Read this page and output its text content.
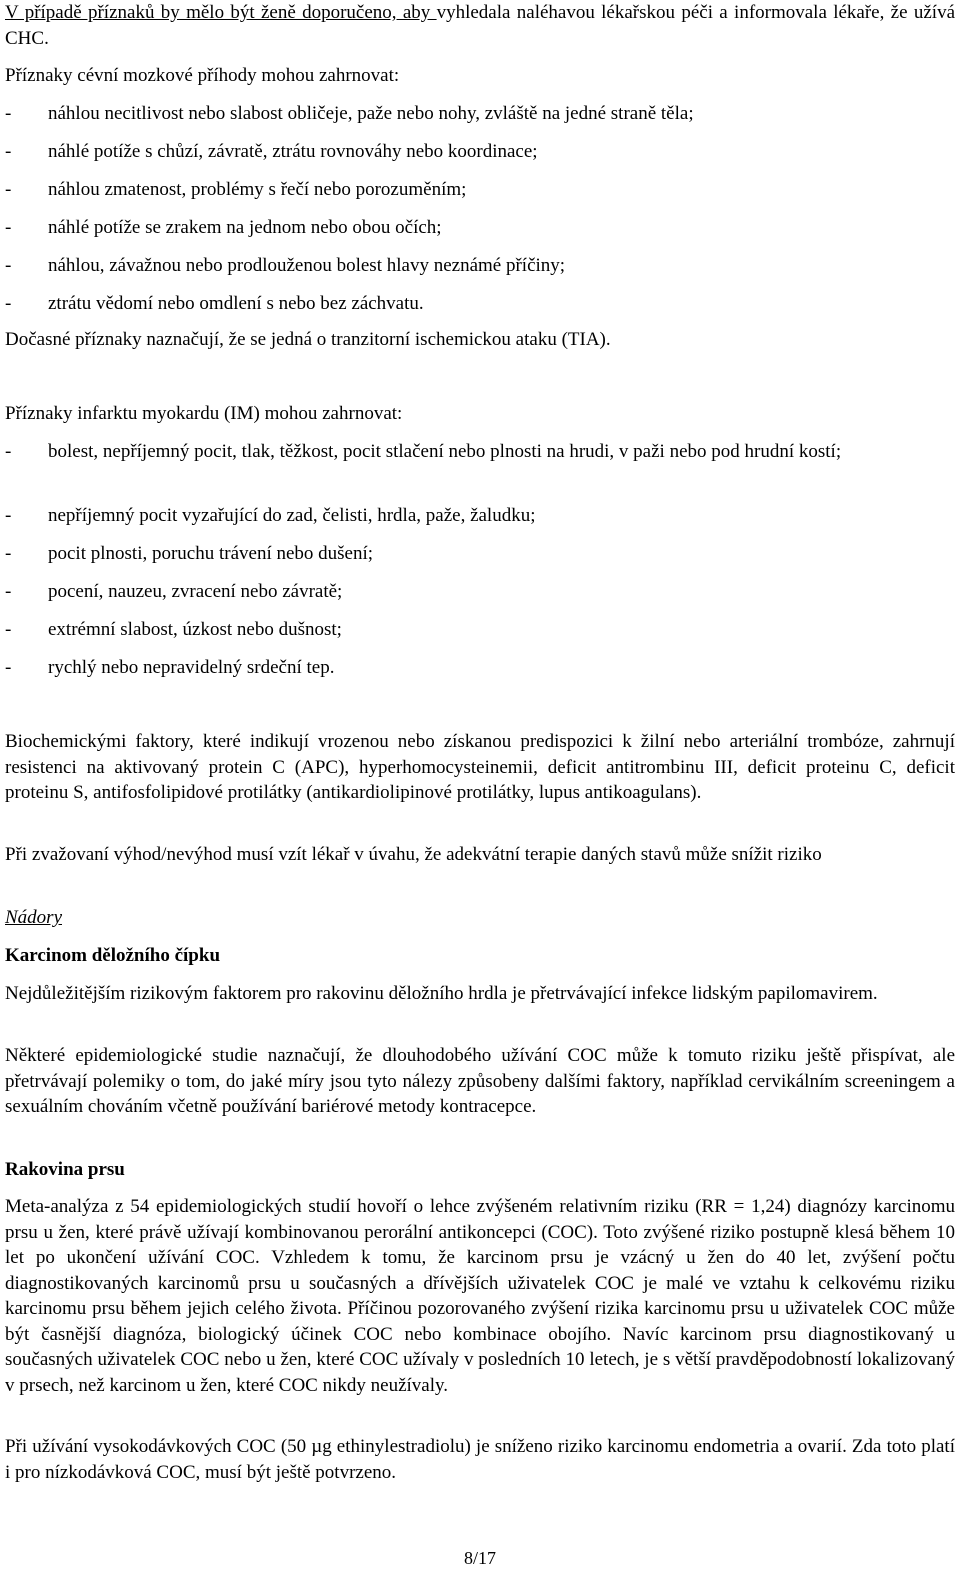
V případě příznaků by mělo být ženě doporučeno, aby vyhledala naléhavou lékařskou péči a informovala lékaře, že užívá CHC.

Příznaky cévní mozkové příhody mohou zahrnovat:

- náhlou necitlivost nebo slabost obličeje, paže nebo nohy, zvláště na jedné straně těla;
- náhlé potíže s chůzí, závratě, ztrátu rovnováhy nebo koordinace;
- náhlou zmatenost, problémy s řečí nebo porozuměním;
- náhlé potíže se zrakem na jednom nebo obou očích;
- náhlou, závažnou nebo prodlouženou bolest hlavy neznámé příčiny;
- ztrátu vědomí nebo omdlení s nebo bez záchvatu.

Dočasné příznaky naznačují, že se jedná o tranzitorní ischemickou ataku (TIA).

Příznaky infarktu myokardu (IM) mohou zahrnovat:

- bolest, nepříjemný pocit, tlak, těžkost, pocit stlačení nebo plnosti na hrudi, v paži nebo pod hrudní kostí;
- nepříjemný pocit vyzařující do zad, čelisti, hrdla, paže, žaludku;
- pocit plnosti, poruchu trávení nebo dušení;
- pocení, nauzeu, zvracení nebo závratě;
- extrémní slabost, úzkost nebo dušnost;
- rychlý nebo nepravidelný srdeční tep.

Biochemickými faktory, které indikují vrozenou nebo získanou predispozici k žilní nebo arteriální trombóze, zahrnují resistenci na aktivovaný protein C (APC), hyperhomocysteinemii, deficit antitrombinu III, deficit proteinu C, deficit proteinu S, antifosfolipidové protilátky (antikardiolipinové protilátky, lupus antikoagulans).

Při zvažovaní výhod/nevýhod musí vzít lékař v úvahu, že adekvátní terapie daných stavů může snížit riziko

Nádory

Karcinom děložního čípku

Nejdůležitějším rizikovým faktorem pro rakovinu děložního hrdla je přetrvávající infekce lidským papilomavirem.

Některé epidemiologické studie naznačují, že dlouhodobého užívání COC může k tomuto riziku ještě přispívat, ale přetrvávají polemiky o tom, do jaké míry jsou tyto nálezy způsobeny dalšími faktory, například cervikálním screeningem a sexuálním chováním včetně používání bariérové metody kontracepce.

Rakovina prsu

Meta-analýza z 54 epidemiologických studií hovoří o lehce zvýšeném relativním riziku (RR = 1,24) diagnózy karcinomu prsu u žen, které právě užívají kombinovanou perorální antikoncepci (COC). Toto zvýšené riziko postupně klesá během 10 let po ukončení užívání COC. Vzhledem k tomu, že karcinom prsu je vzácný u žen do 40 let, zvýšení počtu diagnostikovaných karcinomů prsu u současných a dřívějších uživatelek COC je malé ve vztahu k celkovému riziku karcinomu prsu během jejich celého života. Příčinou pozorovaného zvýšení rizika karcinomu prsu u uživatelek COC může být časnější diagnóza, biologický účinek COC nebo kombinace obojího. Navíc karcinom prsu diagnostikovaný u současných uživatelek COC nebo u žen, které COC užívaly v posledních 10 letech, je s větší pravděpodobností lokalizovaný v prsech, než karcinom u žen, které COC nikdy neužívaly.

Při užívání vysokodávkových COC (50 µg ethinylestradiolu) je sníženo riziko karcinomu endometria a ovarií. Zda toto platí i pro nízkodávková COC, musí být ještě potvrzeno.

8/17
